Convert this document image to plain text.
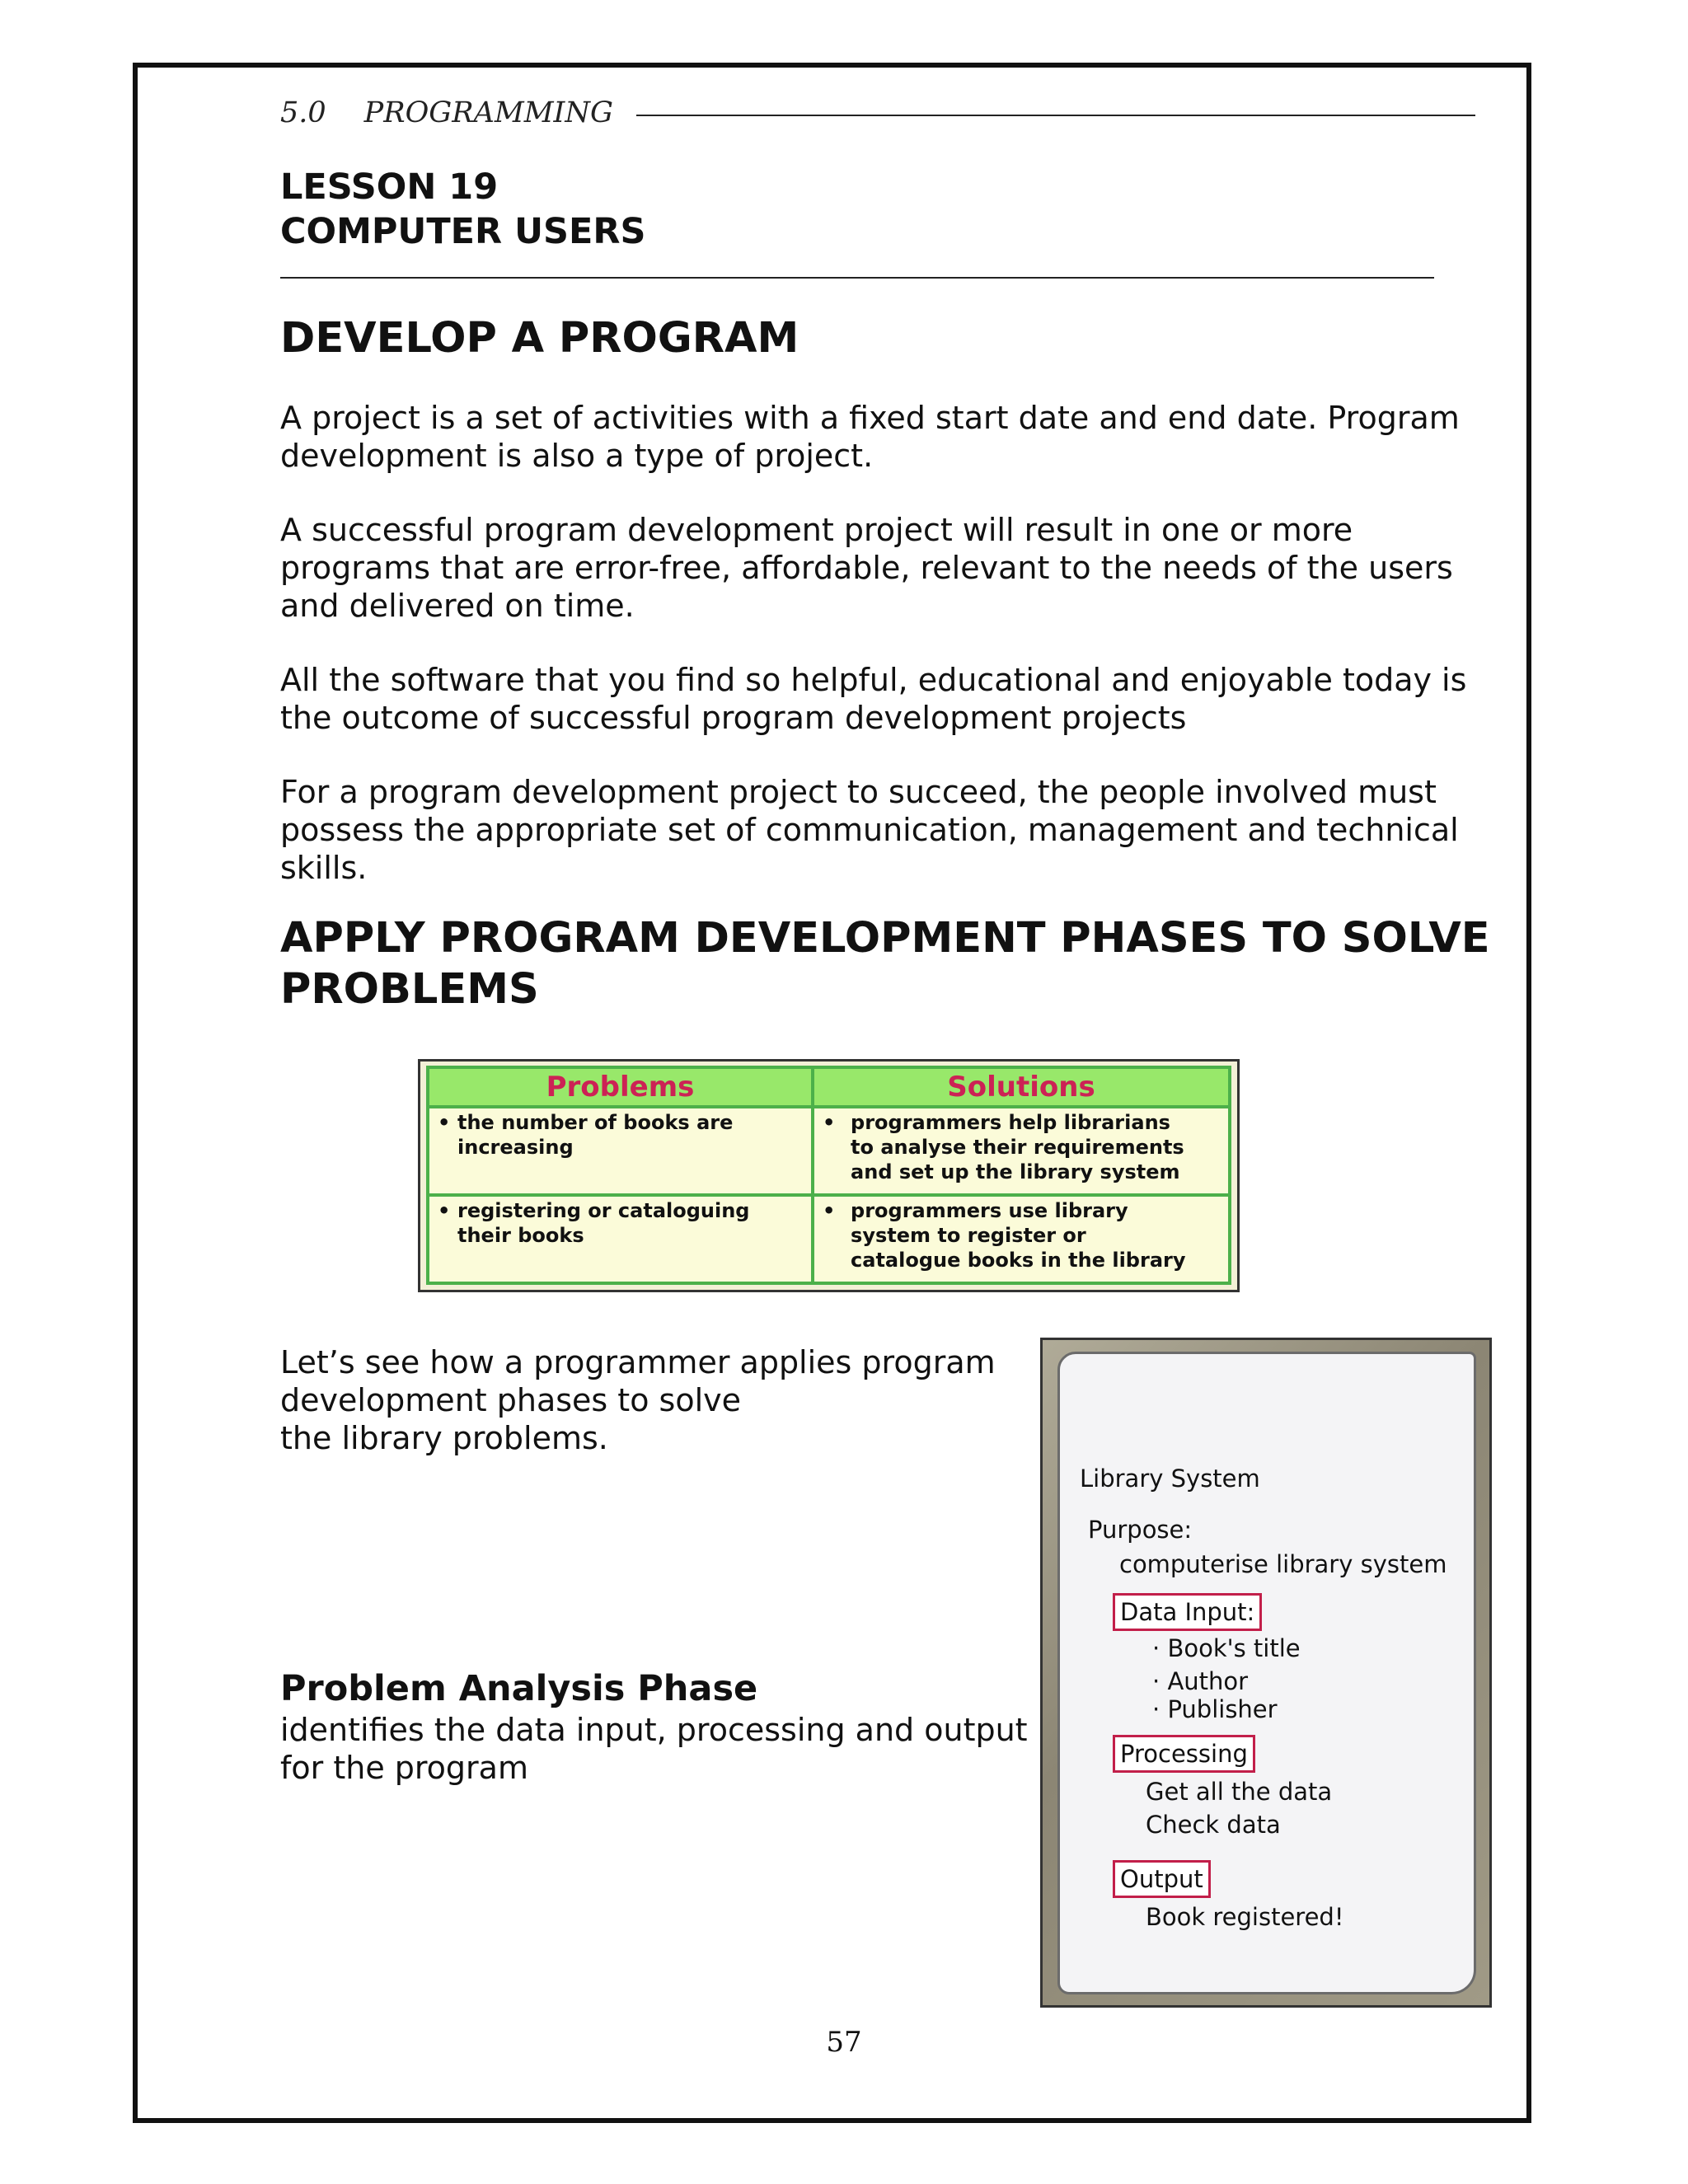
5.0 PROGRAMMING
LESSON 19
COMPUTER USERS
DEVELOP A PROGRAM
A project is a set of activities with a fixed start date and end date. Program
development is also a type of project.
A successful program development project will result in one or more
programs that are error-free, affordable, relevant to the needs of the users
and delivered on time.
All the software that you find so helpful, educational and enjoyable today is
the outcome of successful program development projects
For a program development project to succeed, the people involved must
possess the appropriate set of communication, management and technical
skills.
APPLY PROGRAM DEVELOPMENT PHASES TO SOLVE
PROBLEMS
Problems	Solutions

• the number of books are
increasing	• programmers help librarians
to analyse their requirements
and set up the library system

• registering or cataloguing
their books	• programmers use library
system to register or
catalogue books in the library
Let’s see how a programmer applies program
development phases to solve
the library problems.
Problem Analysis Phase
identifies the data input, processing and output
for the program
Library System
Purpose:
computerise library system
Data Input:
· Book's title
· Author
· Publisher
Processing
Get all the data
Check data
Output
Book registered!
57
